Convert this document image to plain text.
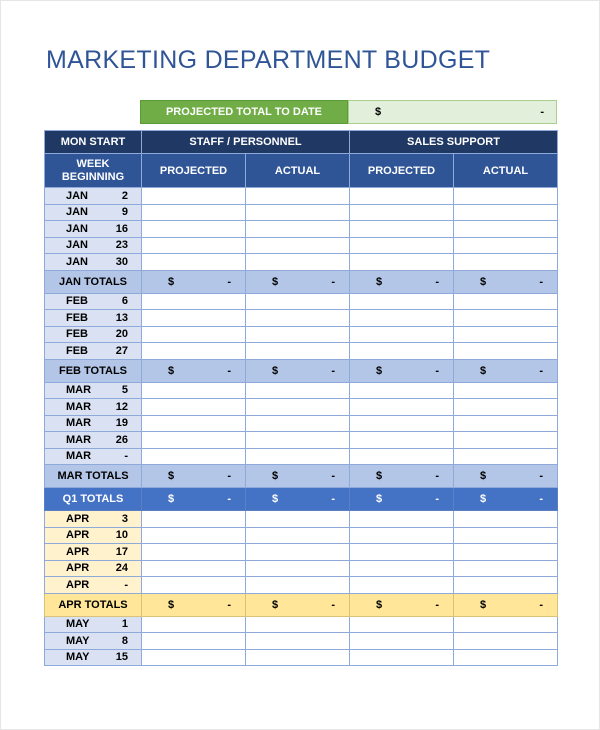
MARKETING DEPARTMENT BUDGET
PROJECTED TOTAL TO DATE	$	-
MON START	STAFF / PERSONNEL		SALES SUPPORT	

WEEK
BEGINNING	PROJECTED	ACTUAL	PROJECTED	ACTUAL

JAN 2				

JAN 9				

JAN 16				

JAN 23				

JAN 30				

JAN TOTALS	$ -	$ -	$ -	$ -

FEB 6				

FEB 13				

FEB 20				

FEB 27				

FEB TOTALS	$ -	$ -	$ -	$ -

MAR 5				

MAR 12				

MAR 19				

MAR 26				

MAR -				

MAR TOTALS	$ -	$ -	$ -	$ -

Q1 TOTALS	$ -	$ -	$ -	$ -

APR 3				

APR 10				

APR 17				

APR 24				

APR -				

APR TOTALS	$ -	$ -	$ -	$ -

MAY 1				

MAY 8				

MAY 15				
